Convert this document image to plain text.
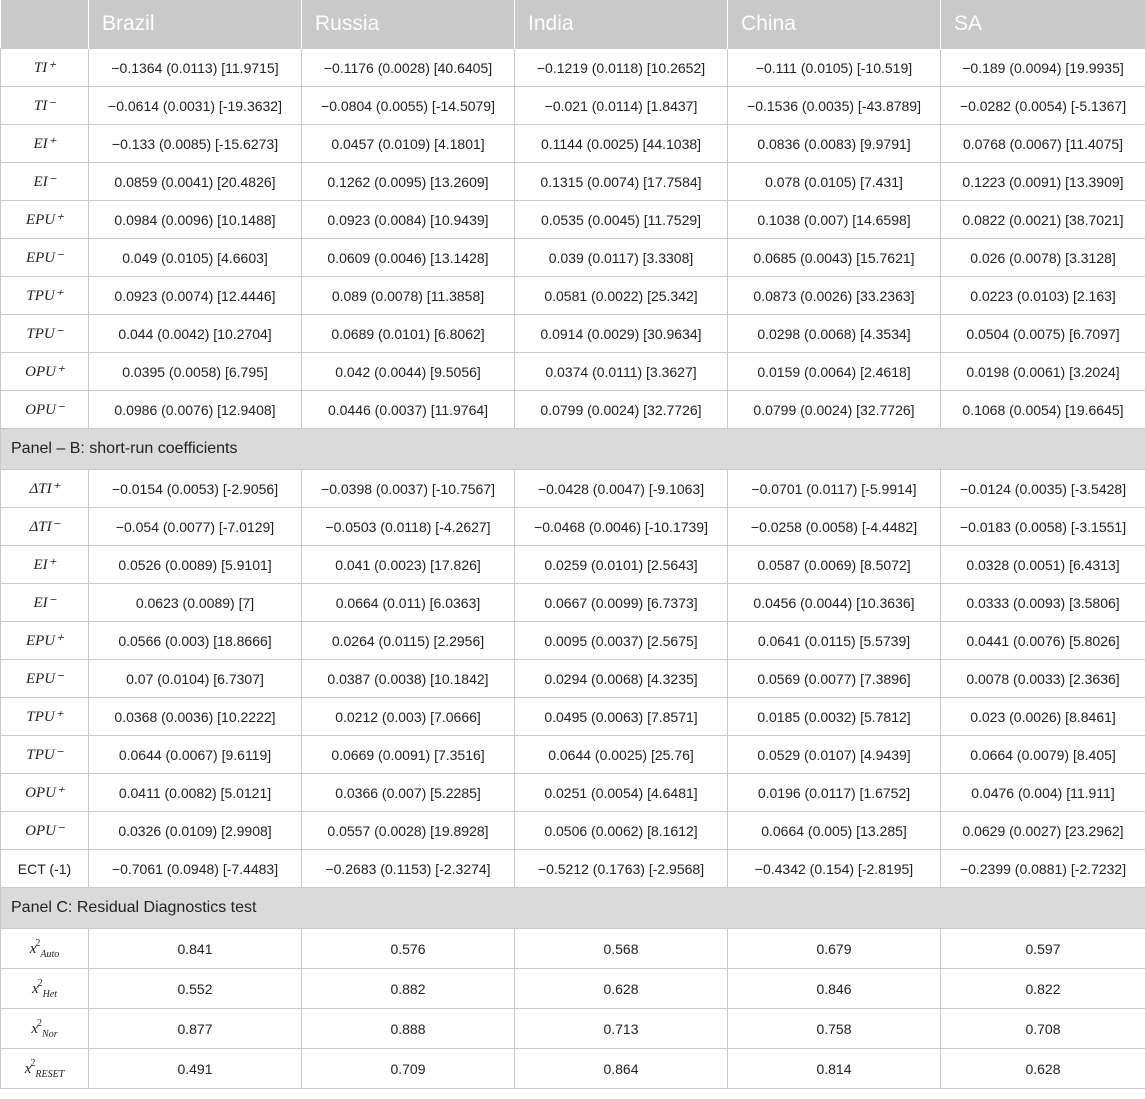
	Brazil	Russia	India	China	SA
TI⁺	−0.1364 (0.0113) [11.9715]	−0.1176 (0.0028) [40.6405]	−0.1219 (0.0118) [10.2652]	−0.111 (0.0105) [-10.519]	−0.189 (0.0094) [19.9935]
TI⁻	−0.0614 (0.0031) [-19.3632]	−0.0804 (0.0055) [-14.5079]	−0.021 (0.0114) [1.8437]	−0.1536 (0.0035) [-43.8789]	−0.0282 (0.0054) [-5.1367]
EI⁺	−0.133 (0.0085) [-15.6273]	0.0457 (0.0109) [4.1801]	0.1144 (0.0025) [44.1038]	0.0836 (0.0083) [9.9791]	0.0768 (0.0067) [11.4075]
EI⁻	0.0859 (0.0041) [20.4826]	0.1262 (0.0095) [13.2609]	0.1315 (0.0074) [17.7584]	0.078 (0.0105) [7.431]	0.1223 (0.0091) [13.3909]
EPU⁺	0.0984 (0.0096) [10.1488]	0.0923 (0.0084) [10.9439]	0.0535 (0.0045) [11.7529]	0.1038 (0.007) [14.6598]	0.0822 (0.0021) [38.7021]
EPU⁻	0.049 (0.0105) [4.6603]	0.0609 (0.0046) [13.1428]	0.039 (0.0117) [3.3308]	0.0685 (0.0043) [15.7621]	0.026 (0.0078) [3.3128]
TPU⁺	0.0923 (0.0074) [12.4446]	0.089 (0.0078) [11.3858]	0.0581 (0.0022) [25.342]	0.0873 (0.0026) [33.2363]	0.0223 (0.0103) [2.163]
TPU⁻	0.044 (0.0042) [10.2704]	0.0689 (0.0101) [6.8062]	0.0914 (0.0029) [30.9634]	0.0298 (0.0068) [4.3534]	0.0504 (0.0075) [6.7097]
OPU⁺	0.0395 (0.0058) [6.795]	0.042 (0.0044) [9.5056]	0.0374 (0.0111) [3.3627]	0.0159 (0.0064) [2.4618]	0.0198 (0.0061) [3.2024]
OPU⁻	0.0986 (0.0076) [12.9408]	0.0446 (0.0037) [11.9764]	0.0799 (0.0024) [32.7726]	0.0799 (0.0024) [32.7726]	0.1068 (0.0054) [19.6645]
Panel – B: short-run coefficients					
ΔTI⁺	−0.0154 (0.0053) [-2.9056]	−0.0398 (0.0037) [-10.7567]	−0.0428 (0.0047) [-9.1063]	−0.0701 (0.0117) [-5.9914]	−0.0124 (0.0035) [-3.5428]
ΔTI⁻	−0.054 (0.0077) [-7.0129]	−0.0503 (0.0118) [-4.2627]	−0.0468 (0.0046) [-10.1739]	−0.0258 (0.0058) [-4.4482]	−0.0183 (0.0058) [-3.1551]
EI⁺	0.0526 (0.0089) [5.9101]	0.041 (0.0023) [17.826]	0.0259 (0.0101) [2.5643]	0.0587 (0.0069) [8.5072]	0.0328 (0.0051) [6.4313]
EI⁻	0.0623 (0.0089) [7]	0.0664 (0.011) [6.0363]	0.0667 (0.0099) [6.7373]	0.0456 (0.0044) [10.3636]	0.0333 (0.0093) [3.5806]
EPU⁺	0.0566 (0.003) [18.8666]	0.0264 (0.0115) [2.2956]	0.0095 (0.0037) [2.5675]	0.0641 (0.0115) [5.5739]	0.0441 (0.0076) [5.8026]
EPU⁻	0.07 (0.0104) [6.7307]	0.0387 (0.0038) [10.1842]	0.0294 (0.0068) [4.3235]	0.0569 (0.0077) [7.3896]	0.0078 (0.0033) [2.3636]
TPU⁺	0.0368 (0.0036) [10.2222]	0.0212 (0.003) [7.0666]	0.0495 (0.0063) [7.8571]	0.0185 (0.0032) [5.7812]	0.023 (0.0026) [8.8461]
TPU⁻	0.0644 (0.0067) [9.6119]	0.0669 (0.0091) [7.3516]	0.0644 (0.0025) [25.76]	0.0529 (0.0107) [4.9439]	0.0664 (0.0079) [8.405]
OPU⁺	0.0411 (0.0082) [5.0121]	0.0366 (0.007) [5.2285]	0.0251 (0.0054) [4.6481]	0.0196 (0.0117) [1.6752]	0.0476 (0.004) [11.911]
OPU⁻	0.0326 (0.0109) [2.9908]	0.0557 (0.0028) [19.8928]	0.0506 (0.0062) [8.1612]	0.0664 (0.005) [13.285]	0.0629 (0.0027) [23.2962]
ECT (-1)	−0.7061 (0.0948) [-7.4483]	−0.2683 (0.1153) [-2.3274]	−0.5212 (0.1763) [-2.9568]	−0.4342 (0.154) [-2.8195]	−0.2399 (0.0881) [-2.7232]
Panel C: Residual Diagnostics test					
$x^2_{Auto}$	0.841	0.576	0.568	0.679	0.597
$x^2_{Het}$	0.552	0.882	0.628	0.846	0.822
$x^2_{Nor}$	0.877	0.888	0.713	0.758	0.708
$x^2_{RESET}$	0.491	0.709	0.864	0.814	0.628
